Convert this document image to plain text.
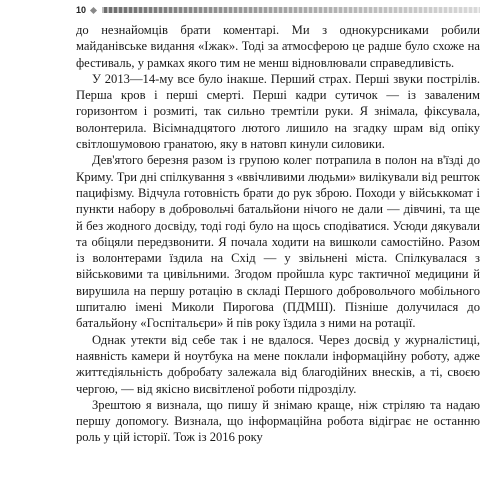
10

до незнайомців брати коментарі. Ми з однокурсниками робили майданівське видання «Іжак». Тоді за атмосферою це радше було схоже на фестиваль, у рамках якого тим не менш відновлювали справедливість.

У 2013—14-му все було інакше. Перший страх. Перші звуки пострілів. Перша кров і перші смерті. Перші кадри сутичок — із заваленим горизонтом і розмиті, так сильно тремтіли руки. Я знімала, фіксувала, волонтерила. Вісімнадцятого лютого лишило на згадку шрам від опіку світлошумовою гранатою, яку в натовп кинули силовики.

Дев'ятого березня разом із групою колег потрапила в полон на в'їзді до Криму. Три дні спілкування з «ввічливими людьми» вилікували від решток пацифізму. Відчула готовність брати до рук зброю. Походи у військкомат і пункти набору в добровольчі батальйони нічого не дали — дівчині, та ще й без жодного досвіду, тоді годі було на щось сподіватися. Усюди дякували та обіцяли передзвонити. Я почала ходити на вишколи самостійно. Разом із волонтерами їздила на Схід — у звільнені міста. Спілкувалася з військовими та цивільними. Згодом пройшла курс тактичної медицини й вирушила на першу ротацію в складі Першого добровольчого мобільного шпиталю імені Миколи Пирогова (ПДМШ). Пізніше долучилася до батальйону «Госпітальєри» й пів року їздила з ними на ротації.

Однак утекти від себе так і не вдалося. Через досвід у журналістиці, наявність камери й ноутбука на мене поклали інформаційну роботу, адже життєдіяльність добробату залежала від благодійних внесків, а ті, своєю чергою, — від якісно висвітленої роботи підрозділу.

Зрештою я визнала, що пишу й знімаю краще, ніж стріляю та надаю першу допомогу. Визнала, що інформаційна робота відіграє не останню роль у цій історії. Тож із 2016 року
